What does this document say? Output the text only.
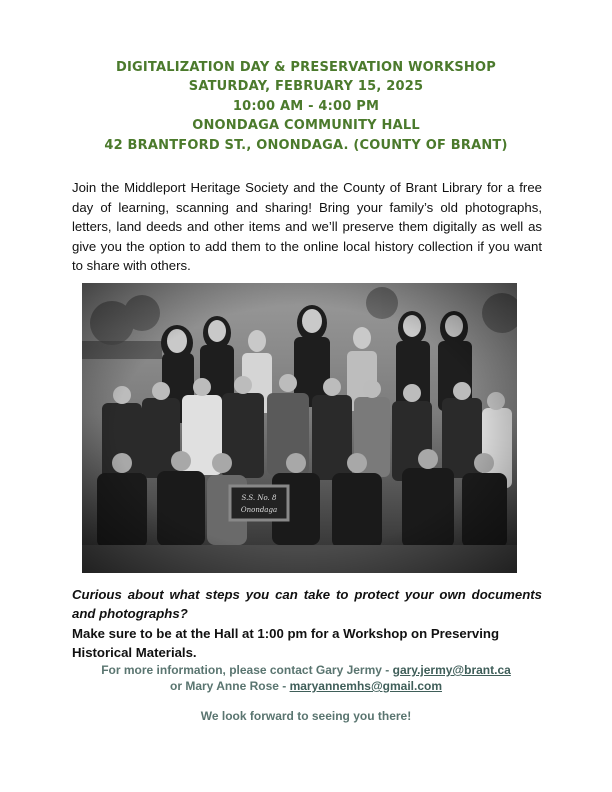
DIGITALIZATION DAY & PRESERVATION WORKSHOP
SATURDAY, FEBRUARY 15, 2025
10:00 AM - 4:00 PM
ONONDAGA COMMUNITY HALL
42 BRANTFORD ST., ONONDAGA. (COUNTY OF BRANT)
Join the Middleport Heritage Society and the County of Brant Library for a free day of learning, scanning and sharing! Bring your family’s old photographs, letters, land deeds and other items and we’ll preserve them digitally as well as give you the option to add them to the online local history collection if you want to share with others.
Curious about what steps you can take to protect your own documents and photographs?
Make sure to be at the Hall at 1:00 pm for a Workshop on Preserving Historical Materials.
For more information, please contact Gary Jermy - gary.jermy@brant.ca
or Mary Anne Rose - maryannemhs@gmail.com
We look forward to seeing you there!
